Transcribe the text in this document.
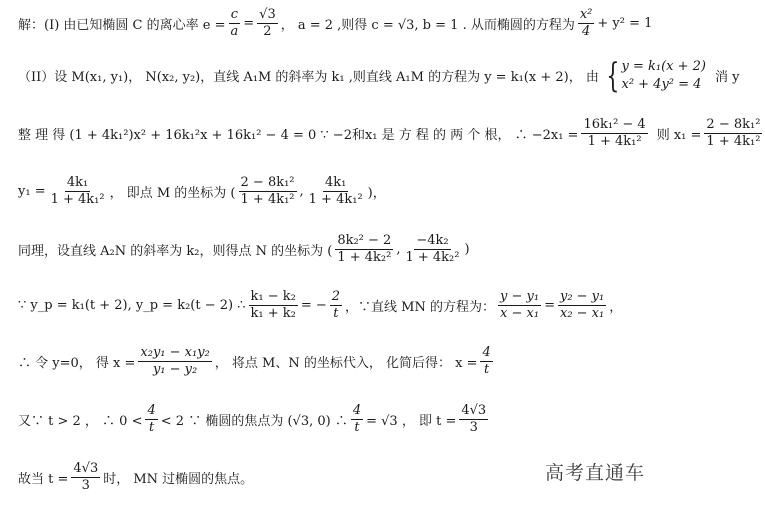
解：(I) 由已知椭圆 C 的离心率 $e = \frac{c}{a} = \frac{√3}{2}$ ， a = 2 ,则得 c = √3, b = 1 . 从而椭圆的方程为 $\frac{\text{x²}}{4} + y^2 = 1$
（II）设 M(x₁, y₁)， N(x₂, y₂)，直线 A₁M 的斜率为 k₁ ,则直线 A₁M 的方程为 y = k₁(x + 2)， 由 { y = k₁(x + 2)
x² + 4y² = 4	消 y
整 理 得 (1 + 4k₁²)x² + 16k₁²x + 16k₁² − 4 = 0 ∵ −2和x₁ 是 方 程 的 两 个 根， ∴ $-2x_1 = \frac{\text{16k₁² − 4}}{\text{1 + 4k₁²}}$ 则 $x_1 = \frac{\text{2 − 8k₁²}}{\text{1 + 4k₁²}}$
$y_1 = \frac{\text{4k₁}}{\text{1 + 4k₁²}}$ ， 即点 M 的坐标为 ( $\frac{\text{2 − 8k₁²}}{\text{1 + 4k₁²}}$ , $\frac{\text{4k₁}}{\text{1 + 4k₁²}}$ )，
同理，设直线 A₂N 的斜率为 k₂，则得点 N 的坐标为 ( $\frac{\text{8k₂² − 2}}{\text{1 + 4k₂²}}$ , $\frac{\text{−4k₂}}{\text{1 + 4k₂²}}$ )
∵ y_p = k₁(t + 2), y_p = k₂(t − 2) ∴ $\frac{\text{k₁ − k₂}}{\text{k₁ + k₂}}$ = − $\frac{2}{t}$ ，∵直线 MN 的方程为： $\frac{\text{y − y₁}}{\text{x − x₁}} = \frac{\text{y₂ − y₁}}{\text{x₂ − x₁}}$ ，
∴ 令 y=0， 得 $x = \frac{\text{x₂y₁ − x₁y₂}}{\text{y₁ − y₂}}$ ， 将点 M、N 的坐标代入， 化简后得： $x = \frac{4}{t}$
又∵ t > 2 ， ∴ $0 < \frac{4}{t} < 2$ ∵ 椭圆的焦点为 (√3, 0) ∴ $\frac{4}{t} = √3$ ， 即 $t = \frac{4√3}{3}$
故当 $t = \frac{4√3}{3}$ 时， MN 过椭圆的焦点。	高考直通车
